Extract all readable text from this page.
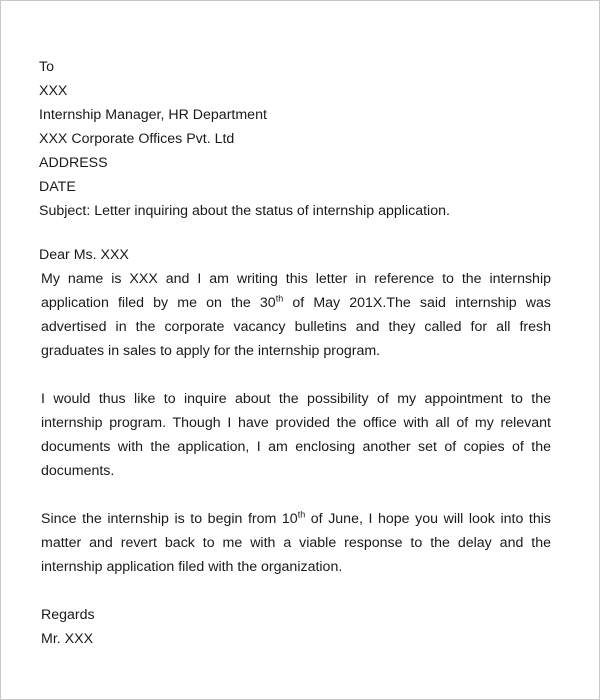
To
XXX
Internship Manager, HR Department
XXX Corporate Offices Pvt. Ltd
ADDRESS
DATE
Subject: Letter inquiring about the status of internship application.
Dear Ms. XXX

My name is XXX and I am writing this letter in reference to the internship application filed by me on the 30th of May 201X.The said internship was advertised in the corporate vacancy bulletins and they called for all fresh graduates in sales to apply for the internship program.

I would thus like to inquire about the possibility of my appointment to the internship program. Though I have provided the office with all of my relevant documents with the application, I am enclosing another set of copies of the documents.

Since the internship is to begin from 10th of June, I hope you will look into this matter and revert back to me with a viable response to the delay and the internship application filed with the organization.

Regards
Mr. XXX
